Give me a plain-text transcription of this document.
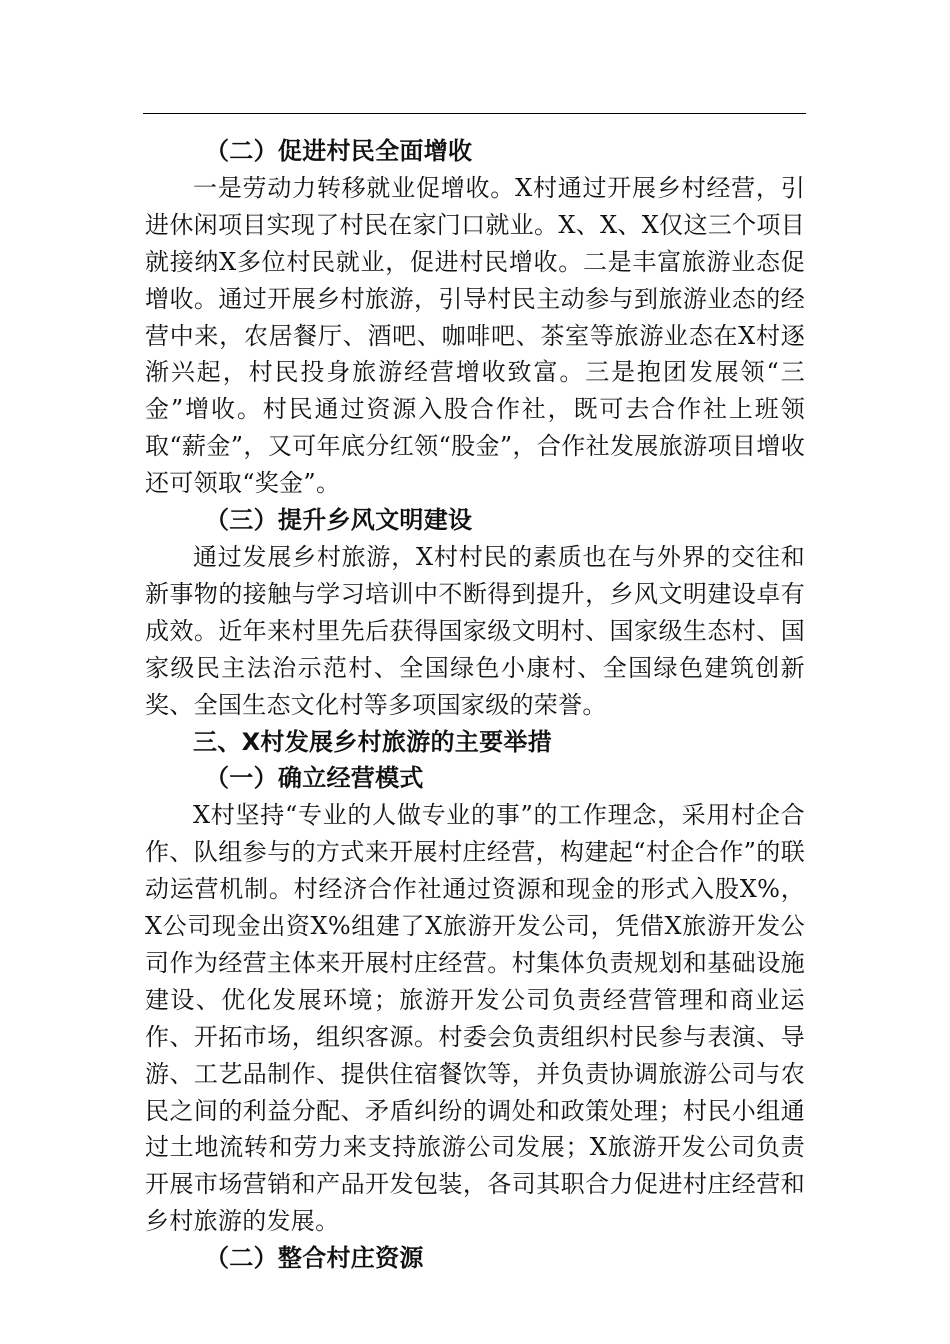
（二）促进村民全面增收

一是劳动力转移就业促增收。X村通过开展乡村经营，引进休闲项目实现了村民在家门口就业。X、X、X仅这三个项目就接纳X多位村民就业，促进村民增收。二是丰富旅游业态促增收。通过开展乡村旅游，引导村民主动参与到旅游业态的经营中来，农居餐厅、酒吧、咖啡吧、茶室等旅游业态在X村逐渐兴起，村民投身旅游经营增收致富。三是抱团发展领“三金”增收。村民通过资源入股合作社，既可去合作社上班领取“薪金”，又可年底分红领“股金”，合作社发展旅游项目增收还可领取“奖金”。

（三）提升乡风文明建设

通过发展乡村旅游，X村村民的素质也在与外界的交往和新事物的接触与学习培训中不断得到提升，乡风文明建设卓有成效。近年来村里先后获得国家级文明村、国家级生态村、国家级民主法治示范村、全国绿色小康村、全国绿色建筑创新奖、全国生态文化村等多项国家级的荣誉。

三、X村发展乡村旅游的主要举措

（一）确立经营模式

X村坚持“专业的人做专业的事”的工作理念，采用村企合作、队组参与的方式来开展村庄经营，构建起“村企合作”的联动运营机制。村经济合作社通过资源和现金的形式入股X%，X公司现金出资X%组建了X旅游开发公司，凭借X旅游开发公司作为经营主体来开展村庄经营。村集体负责规划和基础设施建设、优化发展环境；旅游开发公司负责经营管理和商业运作、开拓市场，组织客源。村委会负责组织村民参与表演、导游、工艺品制作、提供住宿餐饮等，并负责协调旅游公司与农民之间的利益分配、矛盾纠纷的调处和政策处理；村民小组通过土地流转和劳力来支持旅游公司发展；X旅游开发公司负责开展市场营销和产品开发包装，各司其职合力促进村庄经营和乡村旅游的发展。

（二）整合村庄资源
